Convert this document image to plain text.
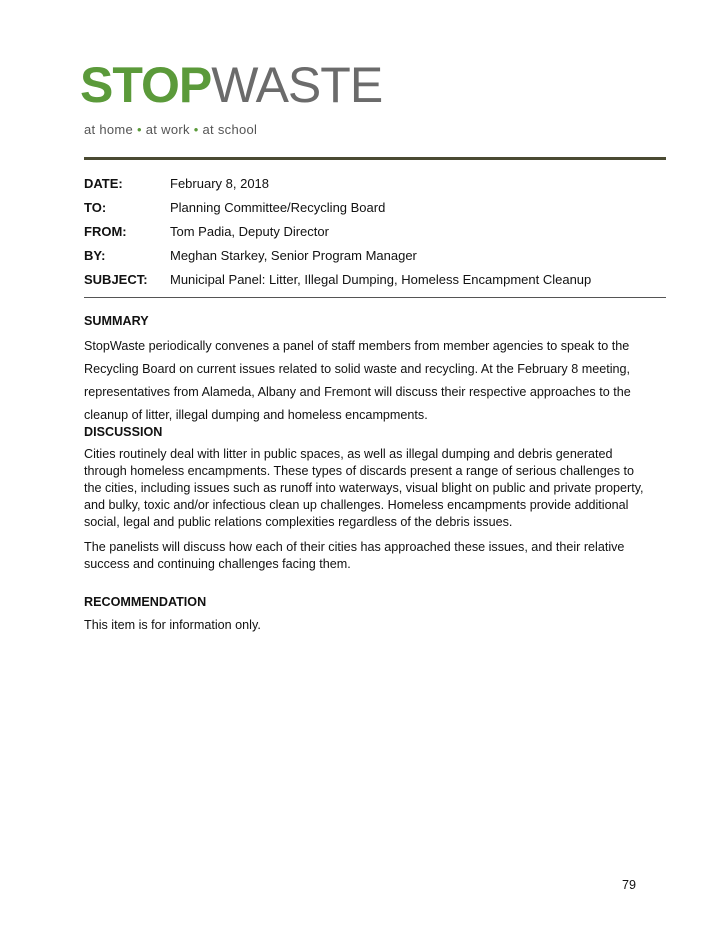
STOPWASTE
at home • at work • at school
DATE:	February 8, 2018
TO:	Planning Committee/Recycling Board
FROM:	Tom Padia, Deputy Director
BY:	Meghan Starkey, Senior Program Manager
SUBJECT: Municipal Panel: Litter, Illegal Dumping, Homeless Encampment Cleanup
SUMMARY

StopWaste periodically convenes a panel of staff members from member agencies to speak to the Recycling Board on current issues related to solid waste and recycling. At the February 8 meeting, representatives from Alameda, Albany and Fremont will discuss their respective approaches to the cleanup of litter, illegal dumping and homeless encampments.

DISCUSSION

Cities routinely deal with litter in public spaces, as well as illegal dumping and debris generated through homeless encampments. These types of discards present a range of serious challenges to the cities, including issues such as runoff into waterways, visual blight on public and private property, and bulky, toxic and/or infectious clean up challenges. Homeless encampments provide additional social, legal and public relations complexities regardless of the debris issues.

The panelists will discuss how each of their cities has approached these issues, and their relative success and continuing challenges facing them.

RECOMMENDATION

This item is for information only.

79
